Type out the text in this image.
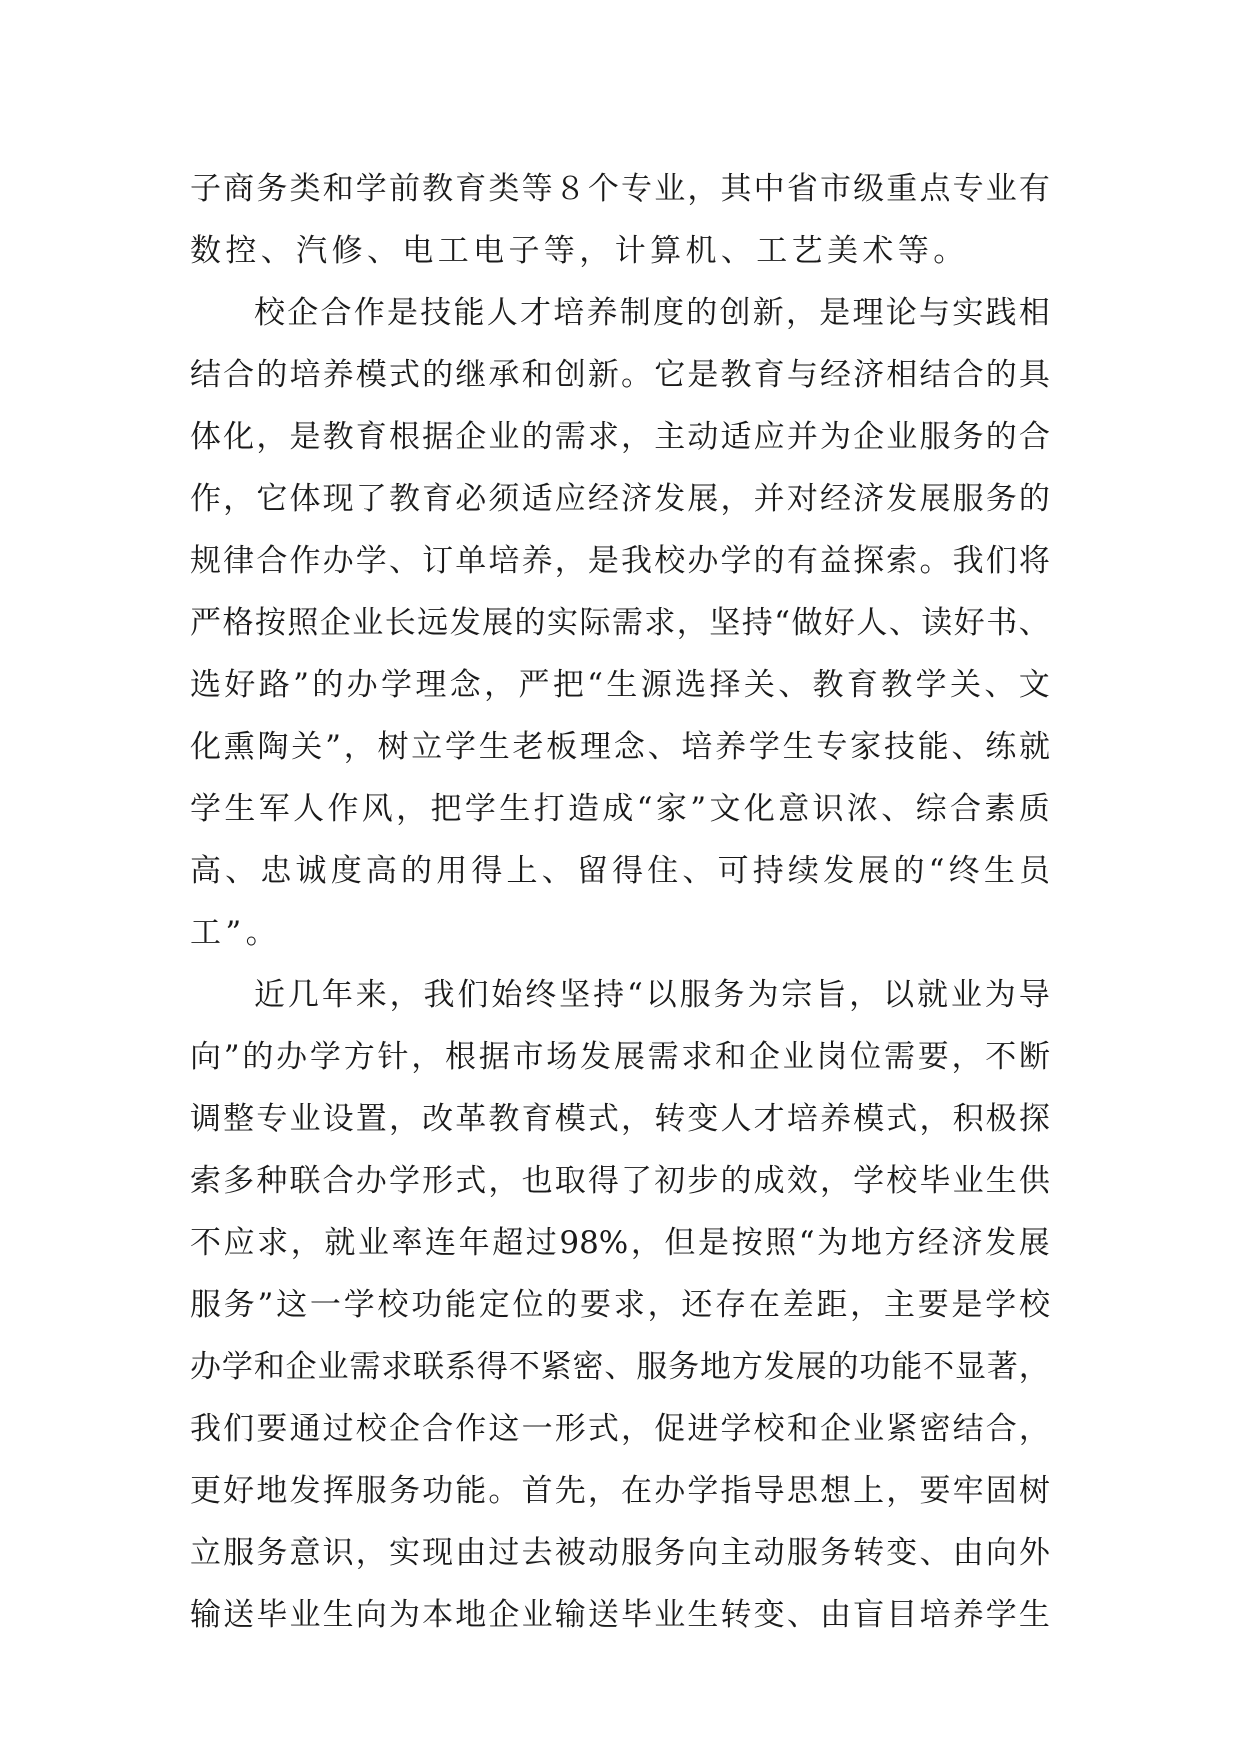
子 商 务 类 和 学 前 教 育 类 等 ８ 个 专 业 ， 其 中 省 市 级 重 点 专 业 有
数 控 、 汽 修 、 电 工 电 子 等 ， 计 算 机 、 工 艺 美 术 等 。
校 企 合 作 是 技 能 人 才 培 养 制 度 的 创 新 ， 是 理 论 与 实 践 相
结 合 的 培 养 模 式 的 继 承 和 创 新 。 它 是 教 育 与 经 济 相 结 合 的 具
体 化 ， 是 教 育 根 据 企 业 的 需 求 ， 主 动 适 应 并 为 企 业 服 务 的 合
作 ， 它 体 现 了 教 育 必 须 适 应 经 济 发 展 ， 并 对 经 济 发 展 服 务 的
规 律 合 作 办 学 、 订 单 培 养 ， 是 我 校 办 学 的 有 益 探 索 。 我 们 将
严 格 按 照 企 业 长 远 发 展 的 实 际 需 求 ， 坚 持 “ 做 好 人 、 读 好 书 、
选 好 路 ” 的 办 学 理 念 ， 严 把 “ 生 源 选 择 关 、 教 育 教 学 关 、 文
化 熏 陶 关 ” ， 树 立 学 生 老 板 理 念 、 培 养 学 生 专 家 技 能 、 练 就
学 生 军 人 作 风 ， 把 学 生 打 造 成 “ 家 ” 文 化 意 识 浓 、 综 合 素 质
高 、 忠 诚 度 高 的 用 得 上 、 留 得 住 、 可 持 续 发 展 的 “ 终 生 员
工 ” 。
近 几 年 来 ， 我 们 始 终 坚 持 “ 以 服 务 为 宗 旨 ， 以 就 业 为 导
向 ” 的 办 学 方 针 ， 根 据 市 场 发 展 需 求 和 企 业 岗 位 需 要 ， 不 断
调 整 专 业 设 置 ， 改 革 教 育 模 式 ， 转 变 人 才 培 养 模 式 ， 积 极 探
索 多 种 联 合 办 学 形 式 ， 也 取 得 了 初 步 的 成 效 ， 学 校 毕 业 生 供
不 应 求 ， 就 业 率 连 年 超 过 98% ， 但 是 按 照 “ 为 地 方 经 济 发 展
服 务 ” 这 一 学 校 功 能 定 位 的 要 求 ， 还 存 在 差 距 ， 主 要 是 学 校
办 学 和 企 业 需 求 联 系 得 不 紧 密 、 服 务 地 方 发 展 的 功 能 不 显 著 ，
我 们 要 通 过 校 企 合 作 这 一 形 式 ， 促 进 学 校 和 企 业 紧 密 结 合 ，
更 好 地 发 挥 服 务 功 能 。 首 先 ， 在 办 学 指 导 思 想 上 ， 要 牢 固 树
立 服 务 意 识 ， 实 现 由 过 去 被 动 服 务 向 主 动 服 务 转 变 、 由 向 外
输 送 毕 业 生 向 为 本 地 企 业 输 送 毕 业 生 转 变 、 由 盲 目 培 养 学 生
